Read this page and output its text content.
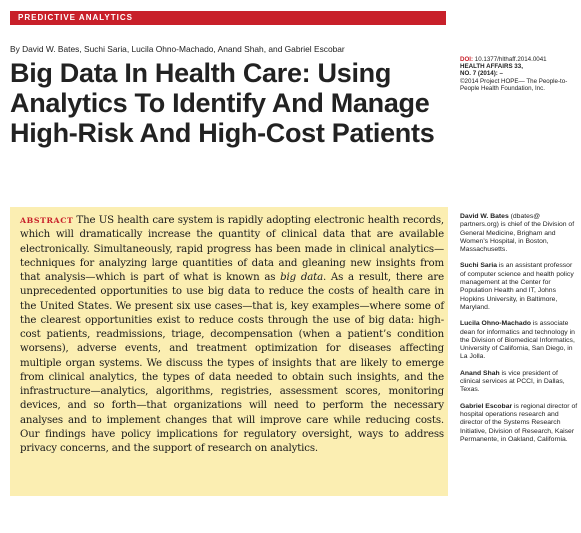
PREDICTIVE ANALYTICS
By David W. Bates, Suchi Saria, Lucila Ohno-Machado, Anand Shah, and Gabriel Escobar
Big Data In Health Care: Using
Analytics To Identify And Manage
High-Risk And High-Cost Patients
DOI: 10.1377/hlthaff.2014.0041
HEALTH AFFAIRS 33,
NO. 7 (2014): –
©2014 Project HOPE— The People-to-People Health Foundation, Inc.
ABSTRACT The US health care system is rapidly adopting electronic health records, which will dramatically increase the quantity of clinical data that are available electronically. Simultaneously, rapid progress has been made in clinical analytics—techniques for analyzing large quantities of data and gleaning new insights from that analysis—which is part of what is known as big data. As a result, there are unprecedented opportunities to use big data to reduce the costs of health care in the United States. We present six use cases—that is, key examples—where some of the clearest opportunities exist to reduce costs through the use of big data: high-cost patients, readmissions, triage, decompensation (when a patient’s condition worsens), adverse events, and treatment optimization for diseases affecting multiple organ systems. We discuss the types of insights that are likely to emerge from clinical analytics, the types of data needed to obtain such insights, and the infrastructure—analytics, algorithms, registries, assessment scores, monitoring devices, and so forth—that organizations will need to perform the necessary analyses and to implement changes that will improve care while reducing costs. Our findings have policy implications for regulatory oversight, ways to address privacy concerns, and the support of research on analytics.
David W. Bates (dbates@ partners.org) is chief of the Division of General Medicine, Brigham and Women’s Hospital, in Boston, Massachusetts.
Suchi Saria is an assistant professor of computer science and health policy management at the Center for Population Health and IT, Johns Hopkins University, in Baltimore, Maryland.
Lucila Ohno-Machado is associate dean for informatics and technology in the Division of Biomedical Informatics, University of California, San Diego, in La Jolla.
Anand Shah is vice president of clinical services at PCCI, in Dallas, Texas.
Gabriel Escobar is regional director of hospital operations research and director of the Systems Research Initiative, Division of Research, Kaiser Permanente, in Oakland, California.
